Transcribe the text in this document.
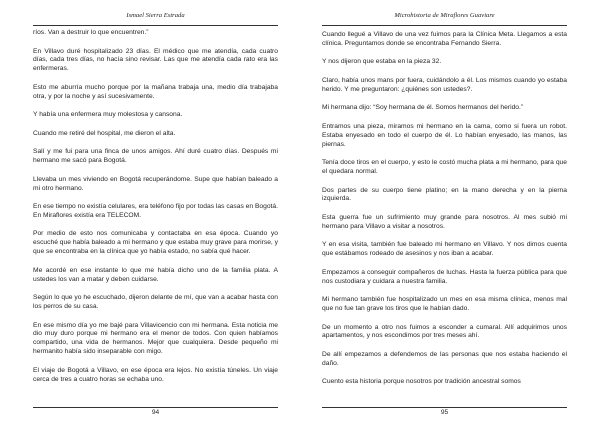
Ismael Sierra Estrada

ríos. Van a destruir lo que encuentren.”

En Villavo duré hospitalizado 23 días. El médico que me atendía, cada cuatro días, cada tres días, no hacía sino revisar. Las que me atendía cada rato era las enfermeras.

Esto me aburría mucho porque por la mañana trabaja una, medio día trabajaba otra, y por la noche y así sucesivamente.

Y había una enfermera muy molestosa y cansona.

Cuando me retiré del hospital, me dieron el alta.

Salí y me fui para una finca de unos amigos. Ahí duré cuatro días. Después mi hermano me sacó para Bogotá.

Llevaba un mes viviendo en Bogotá recuperándome. Supe que habían baleado a mi otro hermano.

En ese tiempo no existía celulares, era teléfono fijo por todas las casas en Bogotá. En Miraflores existía era TELECOM.

Por medio de esto nos comunicaba y contactaba en esa época. Cuando yo escuché que había baleado a mi hermano y que estaba muy grave para morirse, y que se encontraba en la clínica que yo había estado, no sabía qué hacer.

Me acordé en ese instante lo que me había dicho uno de la familia plata. A ustedes los van a matar y deben cuidarse.

Según lo que yo he escuchado, dijeron delante de mí, que van a acabar hasta con los perros de su casa.

En ese mismo día yo me bajé para Villavicencio con mi hermana. Esta noticia me dio muy duro porque mi hermano era el menor de todos. Con quien habíamos compartido, una vida de hermanos. Mejor que cualquiera. Desde pequeño mi hermanito había sido inseparable con migo.

El viaje de Bogotá a Villavo, en ese época era lejos. No existía túneles. Un viaje cerca de tres a cuatro horas se echaba uno.

94
Microhistoria de Miraflores Guaviare

Cuando llegué a Villavo de una vez fuimos para la Clínica Meta. Llegamos a esta clínica. Preguntamos donde se encontraba Fernando Sierra.

Y nos dijeron que estaba en la pieza 32.

Claro, había unos mans por fuera, cuidándolo a él. Los mismos cuando yo estaba herido. Y me preguntaron: ¿quiénes son ustedes?.

Mi hermana dijo: “Soy hermana de él. Somos hermanos del herido.”

Entramos una pieza, miramos mi hermano en la cama, como si fuera un robot. Estaba enyesado en todo el cuerpo de él. Lo habían enyesado, las manos, las piernas.

Tenía doce tiros en el cuerpo, y esto le costó mucha plata a mi hermano, para que el quedara normal.

Dos partes de su cuerpo tiene platino; en la mano derecha y en la pierna izquierda.

Esta guerra fue un sufrimiento muy grande para nosotros. Al mes subió mi hermano para Villavo a visitar a nosotros.

Y en esa visita, también fue baleado mi hermano en Villavo. Y nos dimos cuenta que estábamos rodeado de asesinos y nos iban a acabar.

Empezamos a conseguir compañeros de luchas. Hasta la fuerza pública para que nos custodiara y cuidara a nuestra familia.

Mi hermano también fue hospitalizado un mes en esa misma clínica, menos mal que no fue tan grave los tiros que le habían dado.

De un momento a otro nos fuimos a esconder a cumaral. Allí adquirimos unos apartamentos, y nos escondimos por tres meses ahí.

De allí empezamos a defendemos de las personas que nos estaba haciendo el daño.

Cuento esta historia porque nosotros por tradición ancestral somos

95
